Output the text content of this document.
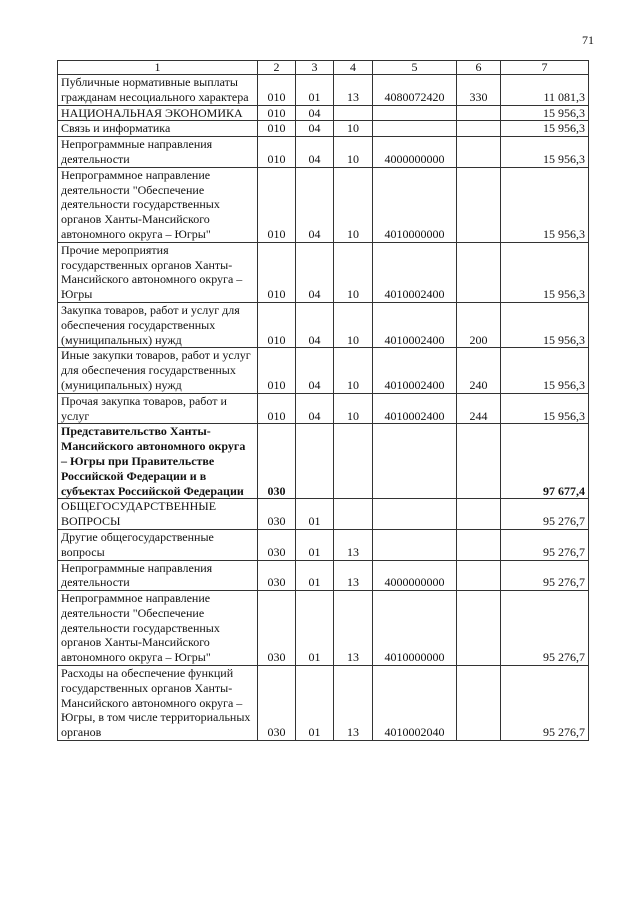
71
1	2	3	4	5	6	7
Публичные нормативные выплаты гражданам несоциального характера	010	01	13	4080072420	330	11 081,3
НАЦИОНАЛЬНАЯ ЭКОНОМИКА	010	04				15 956,3
Связь и информатика	010	04	10			15 956,3
Непрограммные направления деятельности	010	04	10	4000000000		15 956,3
Непрограммное направление деятельности "Обеспечение деятельности государственных органов Ханты-Мансийского автономного округа – Югры"	010	04	10	4010000000		15 956,3
Прочие мероприятия государственных органов Ханты-Мансийского автономного округа – Югры	010	04	10	4010002400		15 956,3
Закупка товаров, работ и услуг для обеспечения государственных (муниципальных) нужд	010	04	10	4010002400	200	15 956,3
Иные закупки товаров, работ и услуг для обеспечения государственных (муниципальных) нужд	010	04	10	4010002400	240	15 956,3
Прочая закупка товаров, работ и услуг	010	04	10	4010002400	244	15 956,3
Представительство Ханты-Мансийского автономного округа – Югры при Правительстве Российской Федерации и в субъектах Российской Федерации	030					97 677,4
ОБЩЕГОСУДАРСТВЕННЫЕ ВОПРОСЫ	030	01				95 276,7
Другие общегосударственные вопросы	030	01	13			95 276,7
Непрограммные направления деятельности	030	01	13	4000000000		95 276,7
Непрограммное направление деятельности "Обеспечение деятельности государственных органов Ханты-Мансийского автономного округа – Югры"	030	01	13	4010000000		95 276,7
Расходы на обеспечение функций государственных органов Ханты-Мансийского автономного округа – Югры, в том числе территориальных органов	030	01	13	4010002040		95 276,7
